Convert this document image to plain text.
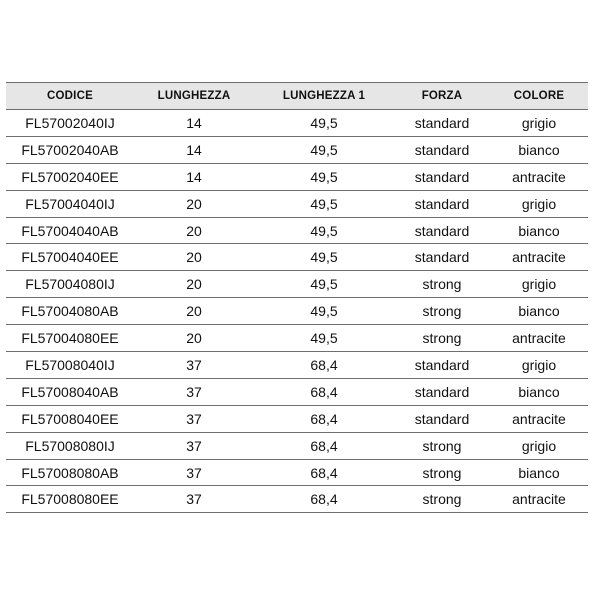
CODICE	LUNGHEZZA	LUNGHEZZA 1	FORZA	COLORE
FL57002040IJ	14	49,5	standard	grigio
FL57002040AB	14	49,5	standard	bianco
FL57002040EE	14	49,5	standard	antracite
FL57004040IJ	20	49,5	standard	grigio
FL57004040AB	20	49,5	standard	bianco
FL57004040EE	20	49,5	standard	antracite
FL57004080IJ	20	49,5	strong	grigio
FL57004080AB	20	49,5	strong	bianco
FL57004080EE	20	49,5	strong	antracite
FL57008040IJ	37	68,4	standard	grigio
FL57008040AB	37	68,4	standard	bianco
FL57008040EE	37	68,4	standard	antracite
FL57008080IJ	37	68,4	strong	grigio
FL57008080AB	37	68,4	strong	bianco
FL57008080EE	37	68,4	strong	antracite
